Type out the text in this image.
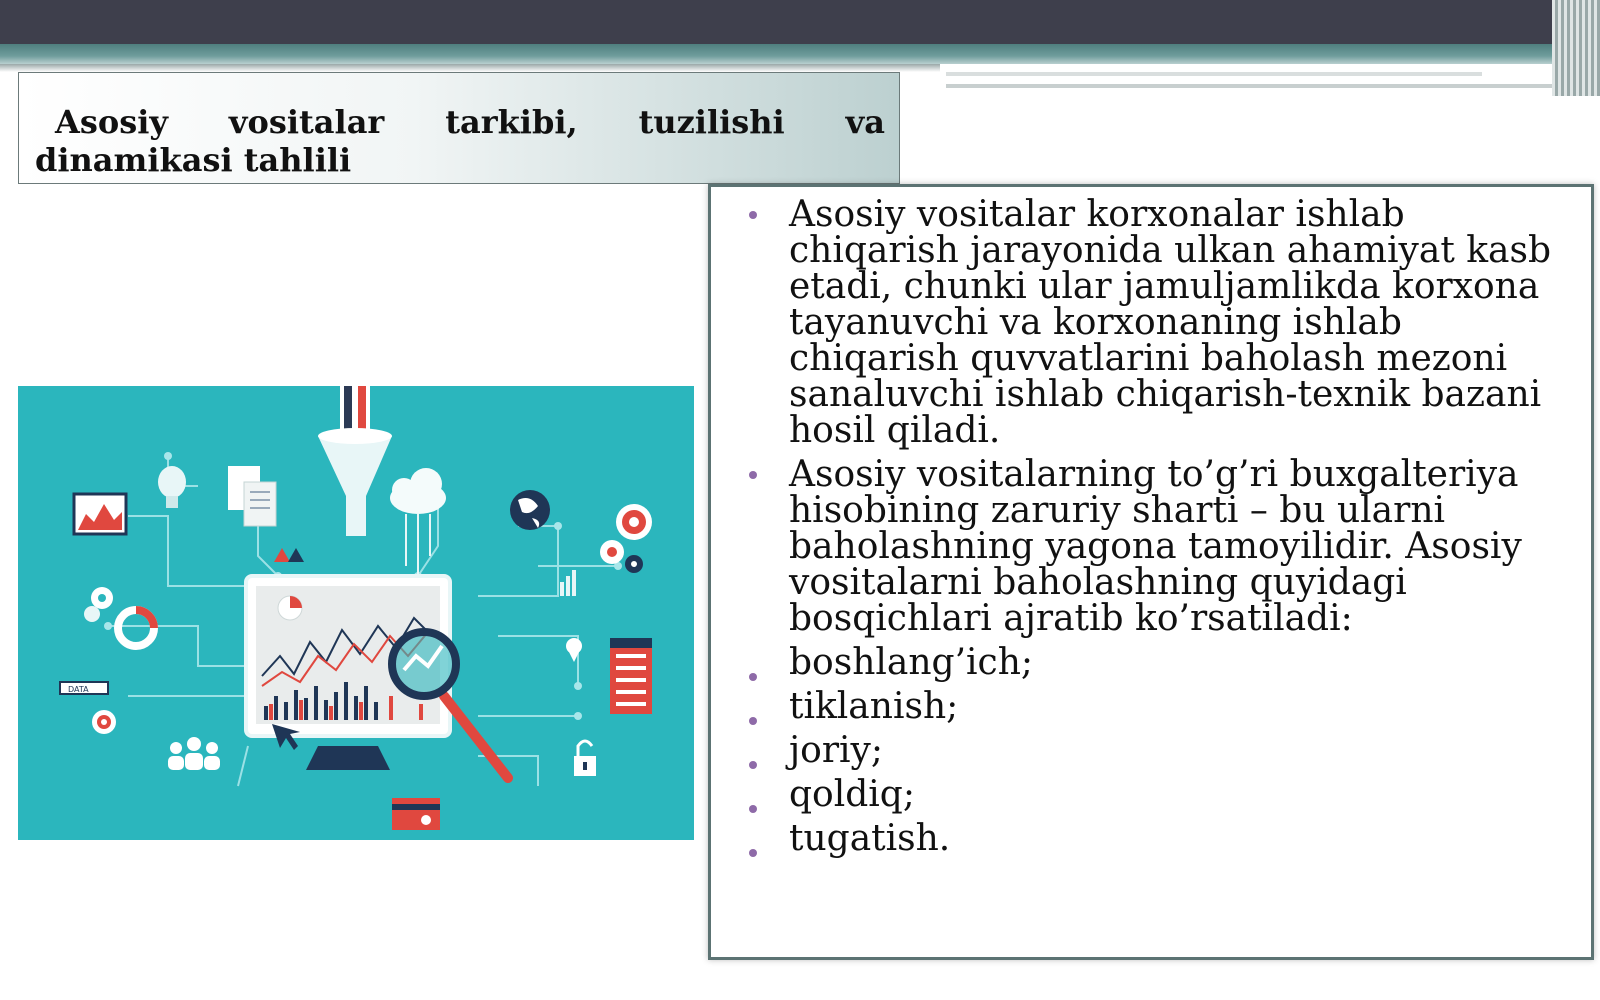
Asosiy vositalar tarkibi, tuzilishi va dinamikasi tahlili

DATA
Asosiy vositalar korxonalar ishlab chiqarish jarayonida ulkan ahamiyat kasb etadi, chunki ular jamuljamlikda korxona tayanuvchi va korxonaning ishlab chiqarish quvvatlarini baholash mezoni sanaluvchi ishlab chiqarish-texnik bazani hosil qiladi.
Asosiy vositalarning to’g’ri buxgalteriya hisobining zaruriy sharti – bu ularni baholashning yagona tamoyilidir. Asosiy vositalarni baholashning quyidagi bosqichlari ajratib ko’rsatiladi:
boshlang’ich;
tiklanish;
joriy;
qoldiq;
tugatish.
